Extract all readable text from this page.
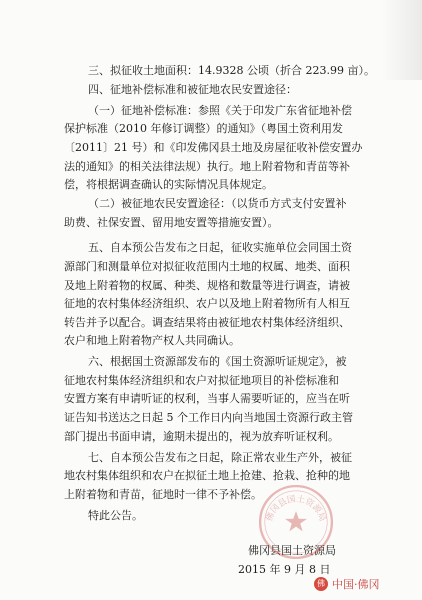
三、拟征收土地面积：14.9328 公顷（折合 223.99 亩）。
四、征地补偿标准和被征地农民安置途径：
（一）征地补偿标准：参照《关于印发广东省征地补偿
保护标准（2010 年修订调整）的通知》（粤国土资利用发
〔2011〕21 号）和《印发佛冈县土地及房屋征收补偿安置办
法的通知》的相关法律法规）执行。地上附着物和青苗等补
偿，将根据调查确认的实际情况具体规定。
（二）被征地农民安置途径：（以货币方式支付安置补
助费、社保安置、留用地安置等措施安置）。
五、自本预公告发布之日起，征收实施单位会同国土资
源部门和测量单位对拟征收范围内土地的权属、地类、面积
及地上附着物的权属、种类、规格和数量等进行调查，请被
征地的农村集体经济组织、农户以及地上附着物所有人相互
转告并予以配合。调查结果将由被征地农村集体经济组织、
农户和地上附着物产权人共同确认。
六、根据国土资源部发布的《国土资源听证规定》，被
征地农村集体经济组织和农户对拟征地项目的补偿标准和
安置方案有申请听证的权利，当事人需要听证的，应当在听
证告知书送达之日起 5 个工作日内向当地国土资源行政主管
部门提出书面申请，逾期未提出的，视为放弃听证权利。
七、自本预公告发布之日起，除正常农业生产外，被征
地农村集体组织和农户在拟征土地上抢建、抢栽、抢种的地
上附着物和青苗，征地时一律不予补偿。
特此公告。
佛冈县国土资源局
2015 年 9 月 8 日
佛冈县国土资源局
佛 中国·佛冈
